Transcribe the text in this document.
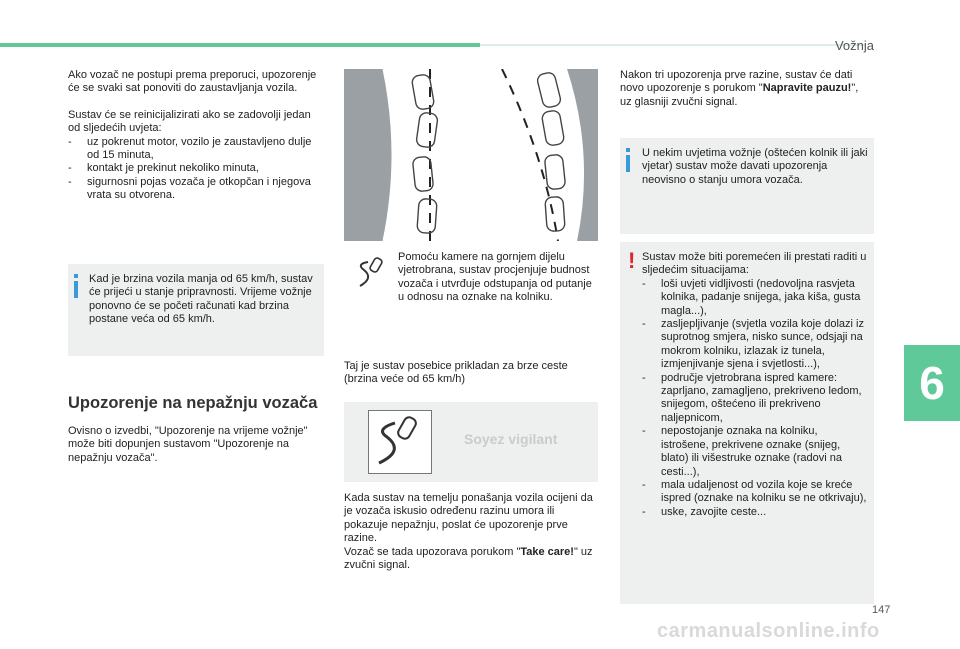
Vožnja
6
147

Ako vozač ne postupi prema preporuci, upozorenje će se svaki sat ponoviti do zaustavljanja vozila.

Sustav će se reinicijalizirati ako se zadovolji jedan od sljedećih uvjeta:

- uz pokrenut motor, vozilo je zaustavljeno dulje od 15 minuta,
- kontakt je prekinut nekoliko minuta,
- sigurnosni pojas vozača je otkopčan i njegova vrata su otvorena.

Kad je brzina vozila manja od 65 km/h, sustav će prijeći u stanje pripravnosti. Vrijeme vožnje ponovno će se početi računati kad brzina postane veća od 65 km/h.

Upozorenje na nepažnju vozača
Ovisno o izvedbi, "Upozorenje na vrijeme vožnje" može biti dopunjen sustavom "Upozorenje na nepažnju vozača".
Pomoću kamere na gornjem dijelu vjetrobrana, sustav procjenjuje budnost vozača i utvrđuje odstupanja od putanje u odnosu na oznake na kolniku.
Taj je sustav posebice prikladan za brze ceste (brzina veće od 65 km/h)
Soyez vigilant

Kada sustav na temelju ponašanja vozila ocijeni da je vozača iskusio određenu razinu umora ili pokazuje nepažnju, poslat će upozorenje prve razine.

Vozač se tada upozorava porukom "Take care!" uz zvučni signal.

Nakon tri upozorenja prve razine, sustav će dati novo upozorenje s porukom "Napravite pauzu!", uz glasniji zvučni signal.

U nekim uvjetima vožnje (oštećen kolnik ili jaki vjetar) sustav može davati upozorenja neovisno o stanju umora vozača.

! Sustav može biti poremećen ili prestati raditi u sljedećim situacijama:

- loši uvjeti vidljivosti (nedovoljna rasvjeta kolnika, padanje snijega, jaka kiša, gusta magla...),
- zasljepljivanje (svjetla vozila koje dolazi iz suprotnog smjera, nisko sunce, odsjaji na mokrom kolniku, izlazak iz tunela, izmjenjivanje sjena i svjetlosti...),
- područje vjetrobrana ispred kamere: zaprljano, zamagljeno, prekriveno ledom, snijegom, oštećeno ili prekriveno naljepnicom,
- nepostojanje oznaka na kolniku, istrošene, prekrivene oznake (snijeg, blato) ili višestruke oznake (radovi na cesti...),
- mala udaljenost od vozila koje se kreće ispred (oznake na kolniku se ne otkrivaju),
- uske, zavojite ceste...
carmanualsonline.info
